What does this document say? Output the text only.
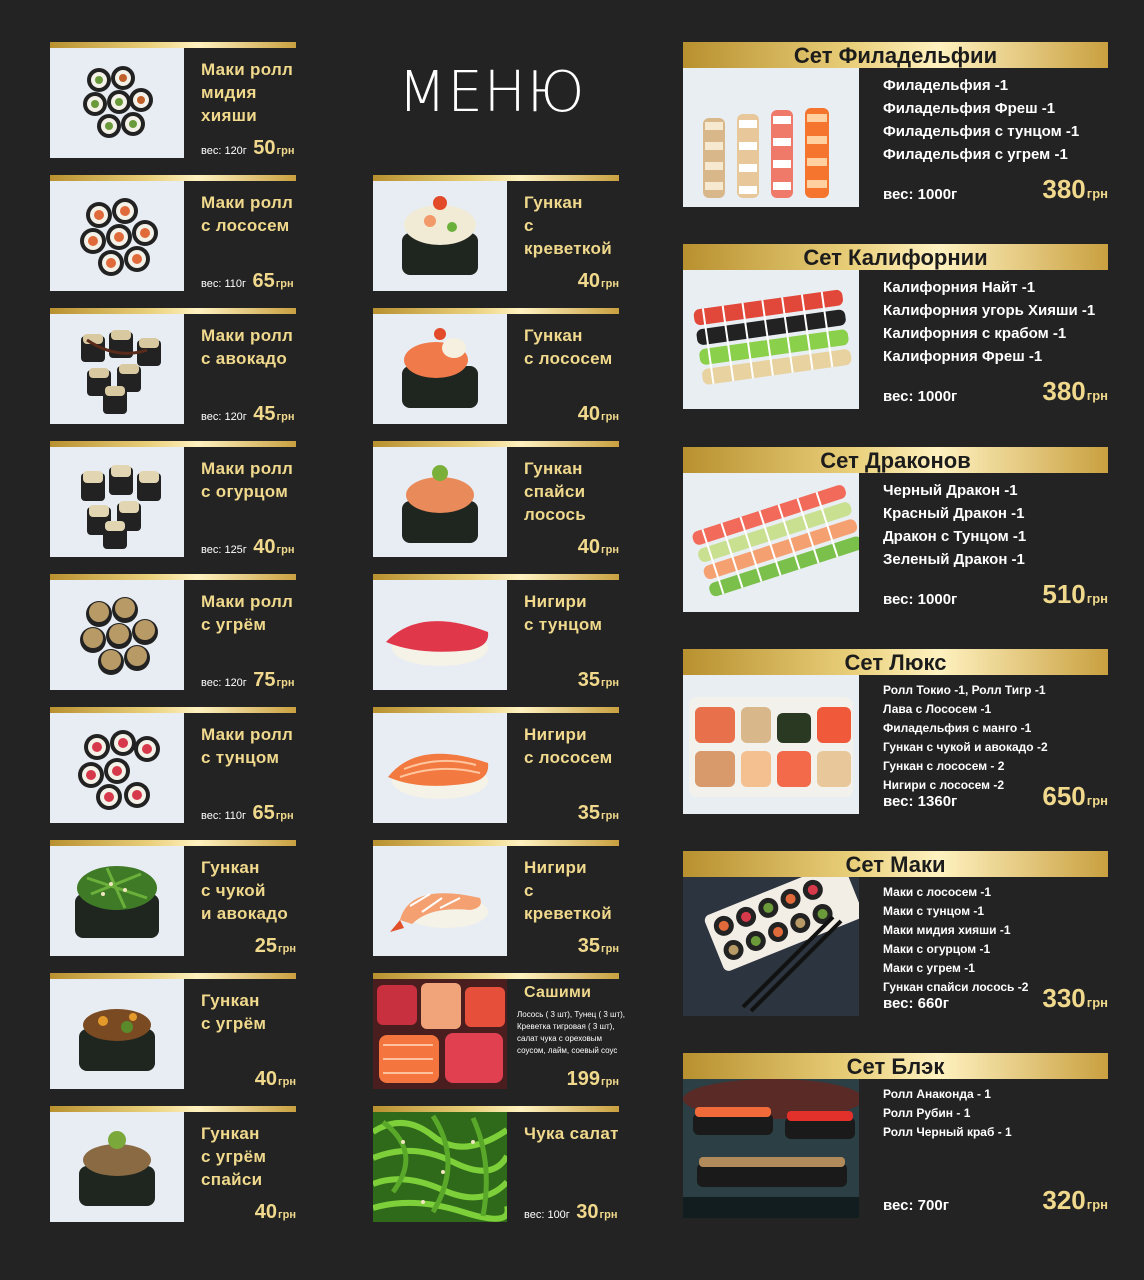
МЕНЮ
Маки ролл
мидия хияши
вес: 120г 50грн
Маки ролл
с лососем
вес: 110г 65грн
Маки ролл
с авокадо
вес: 120г 45грн
Маки ролл
с огурцом
вес: 125г 40грн
Маки ролл
с угрём
вес: 120г 75грн
Маки ролл
с тунцом
вес: 110г 65грн
Гункан
с чукой
и авокадо
25грн
Гункан
с угрём
40грн
Гункан
с угрём
спайси
40грн
Гункан
с креветкой
40грн
Гункан
с лососем
40грн
Гункан
спайси
лосось
40грн
Нигири
с тунцом
35грн
Нигири
с лососем
35грн
Нигири
с креветкой
35грн
Сашими
Лосось ( 3 шт), Тунец ( 3 шт), Креветка тигровая ( 3 шт), салат чука с ореховым соусом, лайм, соевый соус
199грн
Чука салат
вес: 100г 30грн
Сет Филадельфии
Филадельфия -1
Филадельфия Фреш -1
Филадельфия с тунцом -1
Филадельфия с угрем -1
вес: 1000г	380грн
Сет Калифорнии
Калифорния Найт -1
Калифорния угорь Хияши -1
Калифорния с крабом -1
Калифорния Фреш -1
вес: 1000г	380грн
Сет Драконов
Черный Дракон -1
Красный Дракон -1
Дракон с Тунцом -1
Зеленый Дракон -1
вес: 1000г	510грн
Сет Люкс
Ролл Токио -1, Ролл Тигр -1
Лава с Лососем -1
Филадельфия с манго -1
Гункан с чукой и авокадо -2
Гункан с лососем - 2
Нигири с лососем -2
вес: 1360г	650грн
Сет Маки
Маки с лососем -1
Маки с тунцом -1
Маки мидия хияши -1
Маки с огурцом -1
Маки с угрем -1
Гункан спайси лосось -2
вес: 660г	330грн
Сет Блэк
Ролл Анаконда - 1
Ролл Рубин - 1
Ролл Черный краб - 1
вес: 700г	320грн
